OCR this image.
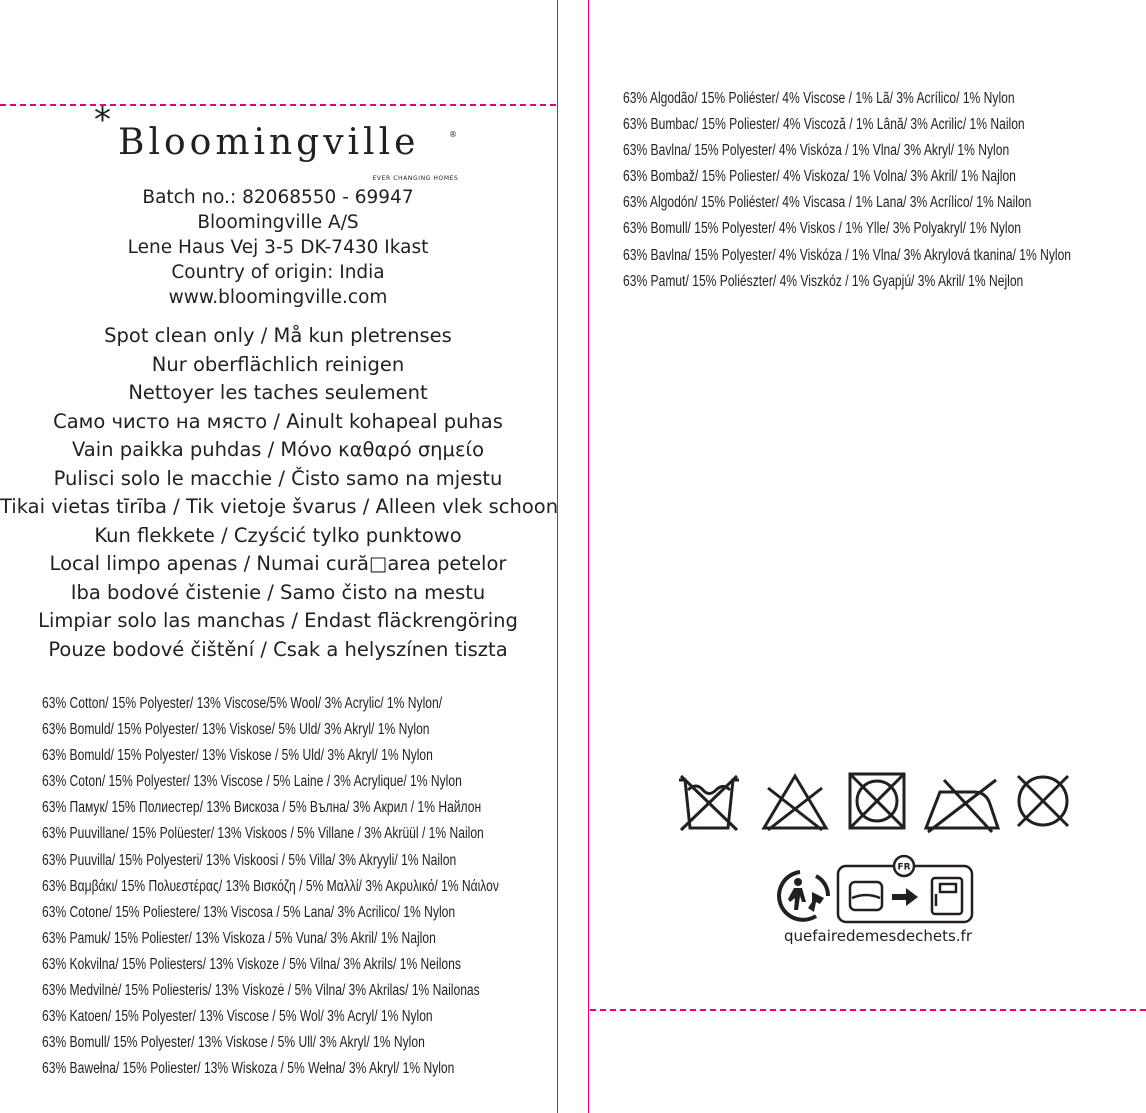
*
Bloomingville	®
·EVER CHANGING HOMES
Batch no.: 82068550 - 69947
Bloomingville A/S
Lene Haus Vej 3-5 DK-7430 Ikast
Country of origin: India
www.bloomingville.com
Spot clean only / Må kun pletrenses
Nur oberflächlich reinigen
Nettoyer les taches seulement
Само чисто на място / Ainult kohapeal puhas
Vain paikka puhdas / Μόνο καθαρό σημείο
Pulisci solo le macchie / Čisto samo na mjestu
Tikai vietas tīrība / Tik vietoje švarus / Alleen vlek schoon
Kun flekkete / Czyścić tylko punktowo
Local limpo apenas / Numai cură□area petelor
Iba bodové čistenie / Samo čisto na mestu
Limpiar solo las manchas / Endast fläckrengöring
Pouze bodové čištění / Csak a helyszínen tiszta
63% Cotton/ 15% Polyester/ 13% Viscose/5% Wool/ 3% Acrylic/ 1% Nylon/
63% Bomuld/ 15% Polyester/ 13% Viskose/ 5% Uld/ 3% Akryl/ 1% Nylon
63% Bomuld/ 15% Polyester/ 13% Viskose / 5% Uld/ 3% Akryl/ 1% Nylon
63% Coton/ 15% Polyester/ 13% Viscose / 5% Laine / 3% Acrylique/ 1% Nylon
63% Памук/ 15% Полиестер/ 13% Вискоза / 5% Вълна/ 3% Акрил / 1% Найлон
63% Puuvillane/ 15% Polüester/ 13% Viskoos / 5% Villane / 3% Akrüül / 1% Nailon
63% Puuvilla/ 15% Polyesteri/ 13% Viskoosi / 5% Villa/ 3% Akryyli/ 1% Nailon
63% Βαμβάκι/ 15% Πολυεστέρας/ 13% Βισκόζη / 5% Μαλλί/ 3% Ακρυλικό/ 1% Νάιλον
63% Cotone/ 15% Poliestere/ 13% Viscosa / 5% Lana/ 3% Acrilico/ 1% Nylon
63% Pamuk/ 15% Poliester/ 13% Viskoza / 5% Vuna/ 3% Akril/ 1% Najlon
63% Kokvilna/ 15% Poliesters/ 13% Viskoze / 5% Vilna/ 3% Akrils/ 1% Neilons
63% Medvilnė/ 15% Poliesteris/ 13% Viskozė / 5% Vilna/ 3% Akrilas/ 1% Nailonas
63% Katoen/ 15% Polyester/ 13% Viscose / 5% Wol/ 3% Acryl/ 1% Nylon
63% Bomull/ 15% Polyester/ 13% Viskose / 5% Ull/ 3% Akryl/ 1% Nylon
63% Bawełna/ 15% Poliester/ 13% Wiskoza / 5% Wełna/ 3% Akryl/ 1% Nylon
63% Algodão/ 15% Poliéster/ 4% Viscose / 1% Lã/ 3% Acrílico/ 1% Nylon
63% Bumbac/ 15% Poliester/ 4% Viscoză / 1% Lână/ 3% Acrilic/ 1% Nailon
63% Bavlna/ 15% Polyester/ 4% Viskóza / 1% Vlna/ 3% Akryl/ 1% Nylon
63% Bombaž/ 15% Poliester/ 4% Viskoza/ 1% Volna/ 3% Akril/ 1% Najlon
63% Algodón/ 15% Poliéster/ 4% Viscasa / 1% Lana/ 3% Acrílico/ 1% Nailon
63% Bomull/ 15% Polyester/ 4% Viskos / 1% Ylle/ 3% Polyakryl/ 1% Nylon
63% Bavlna/ 15% Polyester/ 4% Viskóza / 1% Vlna/ 3% Akrylová tkanina/ 1% Nylon
63% Pamut/ 15% Poliészter/ 4% Viszkóz / 1% Gyapjú/ 3% Akril/ 1% Nejlon
FR
quefairedemesdechets.fr
